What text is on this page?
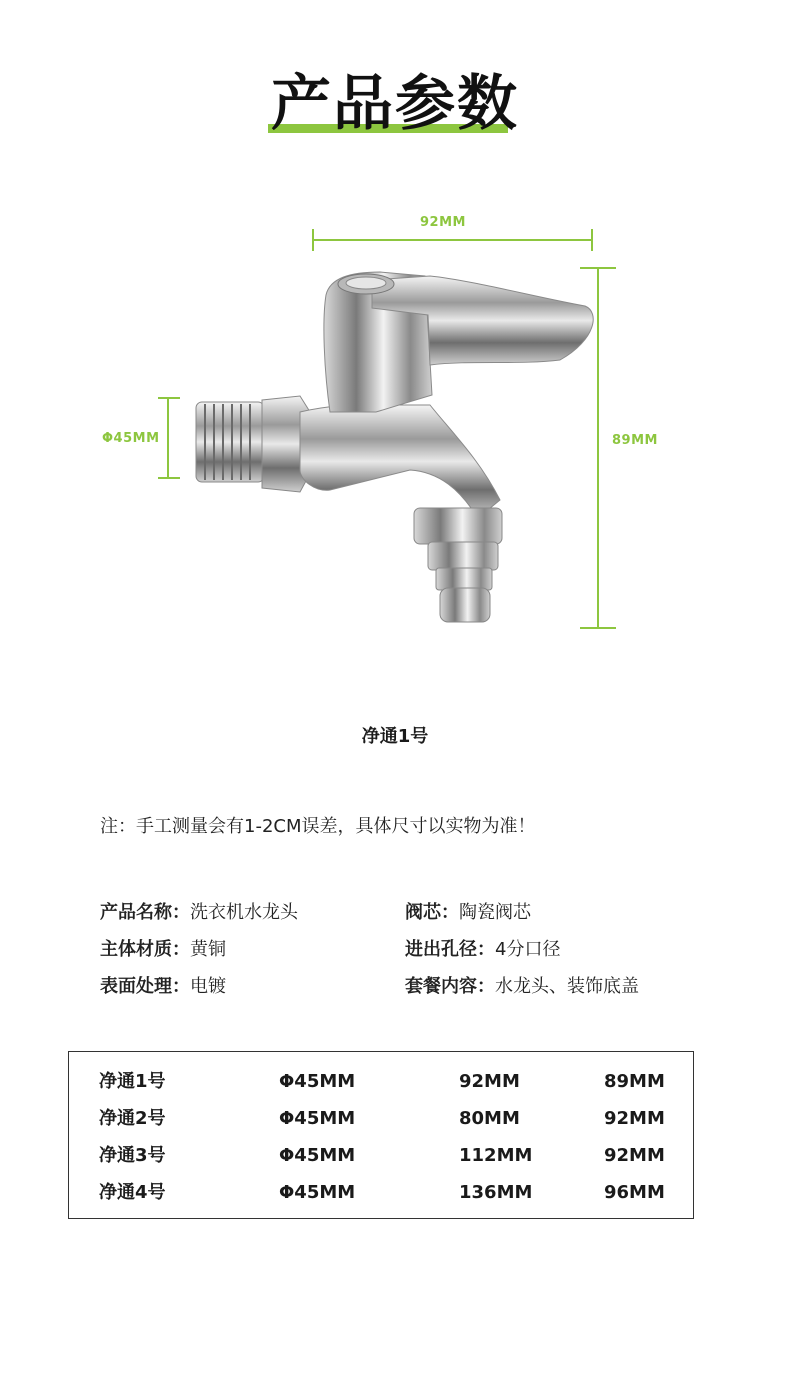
产品参数
92MM
89MM
Φ45MM
净通1号
注：手工测量会有1-2CM误差，具体尺寸以实物为准！
产品名称：洗衣机水龙头	阀芯：陶瓷阀芯
主体材质：黄铜	进出孔径：4分口径
表面处理：电镀	套餐内容：水龙头、装饰底盖
净通1号	Φ45MM	92MM	89MM
净通2号	Φ45MM	80MM	92MM
净通3号	Φ45MM	112MM	92MM
净通4号	Φ45MM	136MM	96MM
